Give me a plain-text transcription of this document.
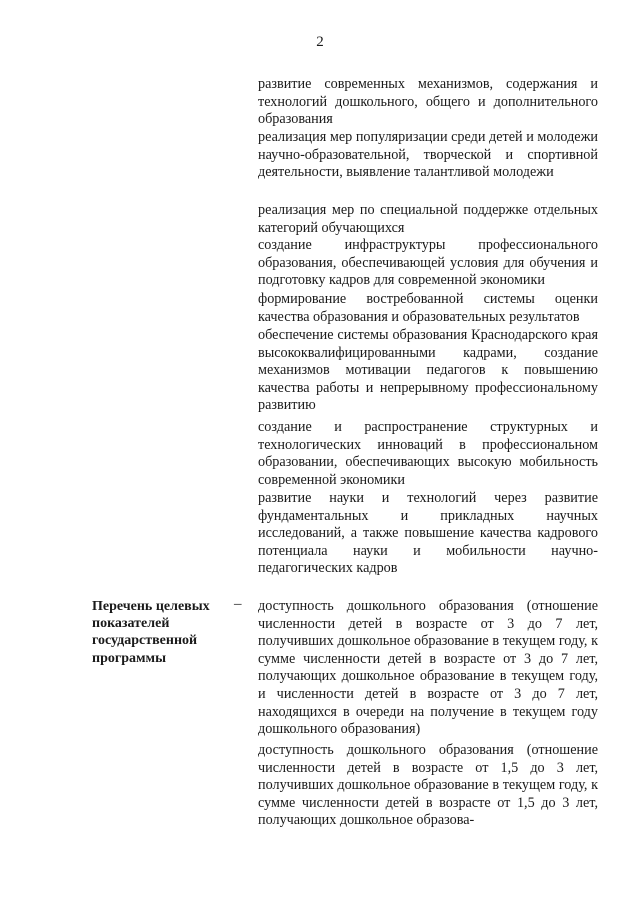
2

развитие современных механизмов, содержания и технологий дошкольного, общего и дополнительного образования

реализация мер популяризации среди детей и молодежи научно-образовательной, творческой и спортивной деятельности, выявление талантливой молодежи

реализация мер по специальной поддержке отдельных категорий обучающихся

создание инфраструктуры профессионального образования, обеспечивающей условия для обучения и подготовку кадров для современной экономики

формирование востребованной системы оценки качества образования и образовательных результатов

обеспечение системы образования Краснодарского края высококвалифицированными кадрами, создание механизмов мотивации педагогов к повышению качества работы и непрерывному профессиональному развитию

создание и распространение структурных и технологических инноваций в профессиональном образовании, обеспечивающих высокую мобильность современной экономики

развитие науки и технологий через развитие фундаментальных и прикладных научных исследований, а также повышение качества кадрового потенциала науки и мобильности научно-педагогических кадров

Перечень целевых показателей государственной программы

– доступность дошкольного образования (отношение численности детей в возрасте от 3 до 7 лет, получивших дошкольное образование в текущем году, к сумме численности детей в возрасте от 3 до 7 лет, получающих дошкольное образование в текущем году, и численности детей в возрасте от 3 до 7 лет, находящихся в очереди на получение в текущем году дошкольного образования)

доступность дошкольного образования (отношение численности детей в возрасте от 1,5 до 3 лет, получивших дошкольное образование в текущем году, к сумме численности детей в возрасте от 1,5 до 3 лет, получающих дошкольное образова-
